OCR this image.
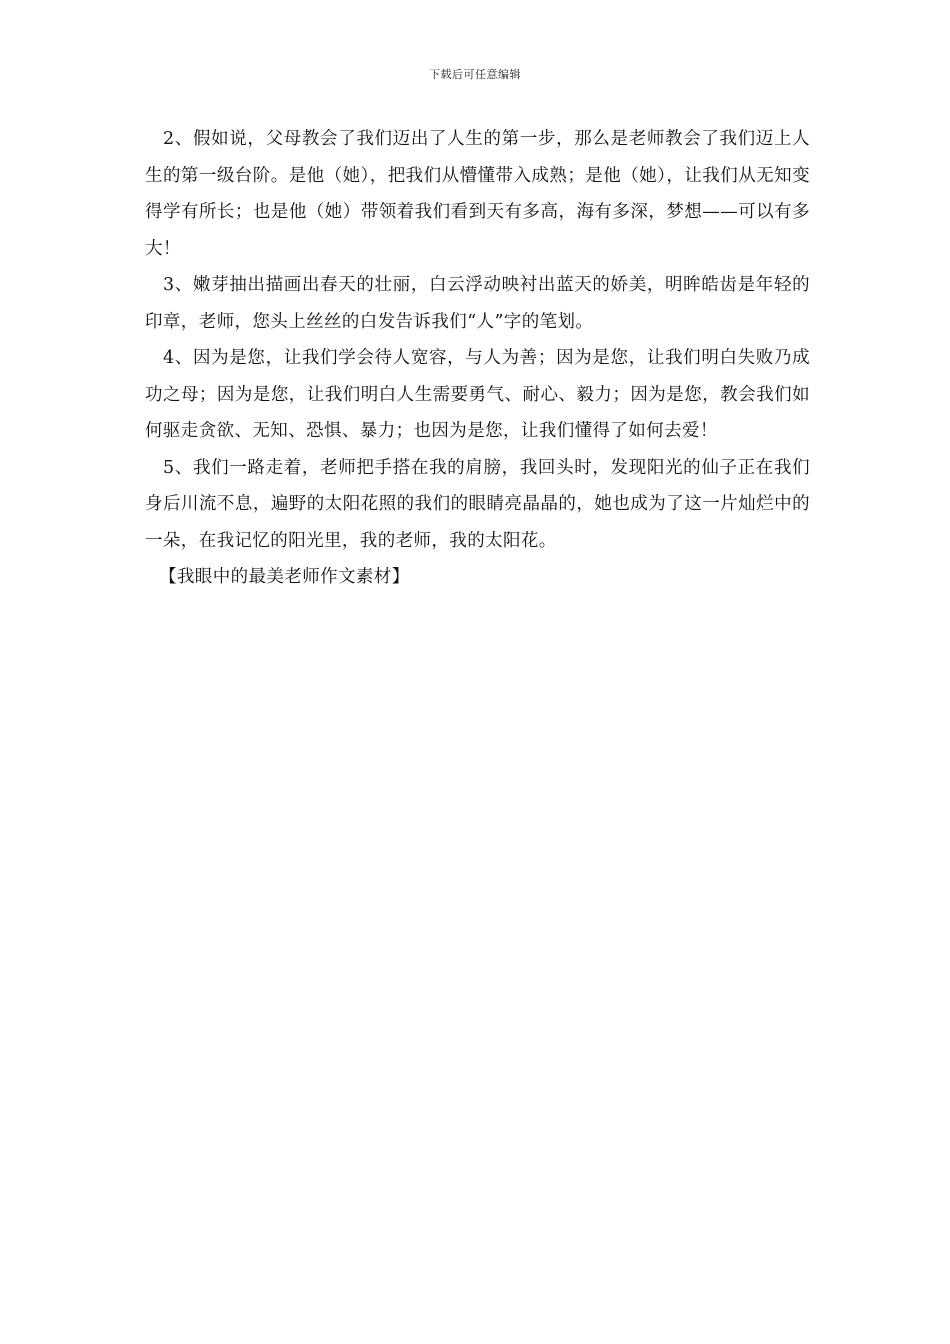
下载后可任意编辑

2、假如说，父母教会了我们迈出了人生的第一步，那么是老师教会了我们迈上人生的第一级台阶。是他（她），把我们从懵懂带入成熟；是他（她），让我们从无知变得学有所长；也是他（她）带领着我们看到天有多高，海有多深，梦想——可以有多大！

3、嫩芽抽出描画出春天的壮丽，白云浮动映衬出蓝天的娇美，明眸皓齿是年轻的印章，老师，您头上丝丝的白发告诉我们“人”字的笔划。

4、因为是您，让我们学会待人宽容，与人为善；因为是您，让我们明白失败乃成功之母；因为是您，让我们明白人生需要勇气、耐心、毅力；因为是您，教会我们如何驱走贪欲、无知、恐惧、暴力；也因为是您，让我们懂得了如何去爱！

5、我们一路走着，老师把手搭在我的肩膀，我回头时，发现阳光的仙子正在我们身后川流不息，遍野的太阳花照的我们的眼睛亮晶晶的，她也成为了这一片灿烂中的一朵，在我记忆的阳光里，我的老师，我的太阳花。

【我眼中的最美老师作文素材】
